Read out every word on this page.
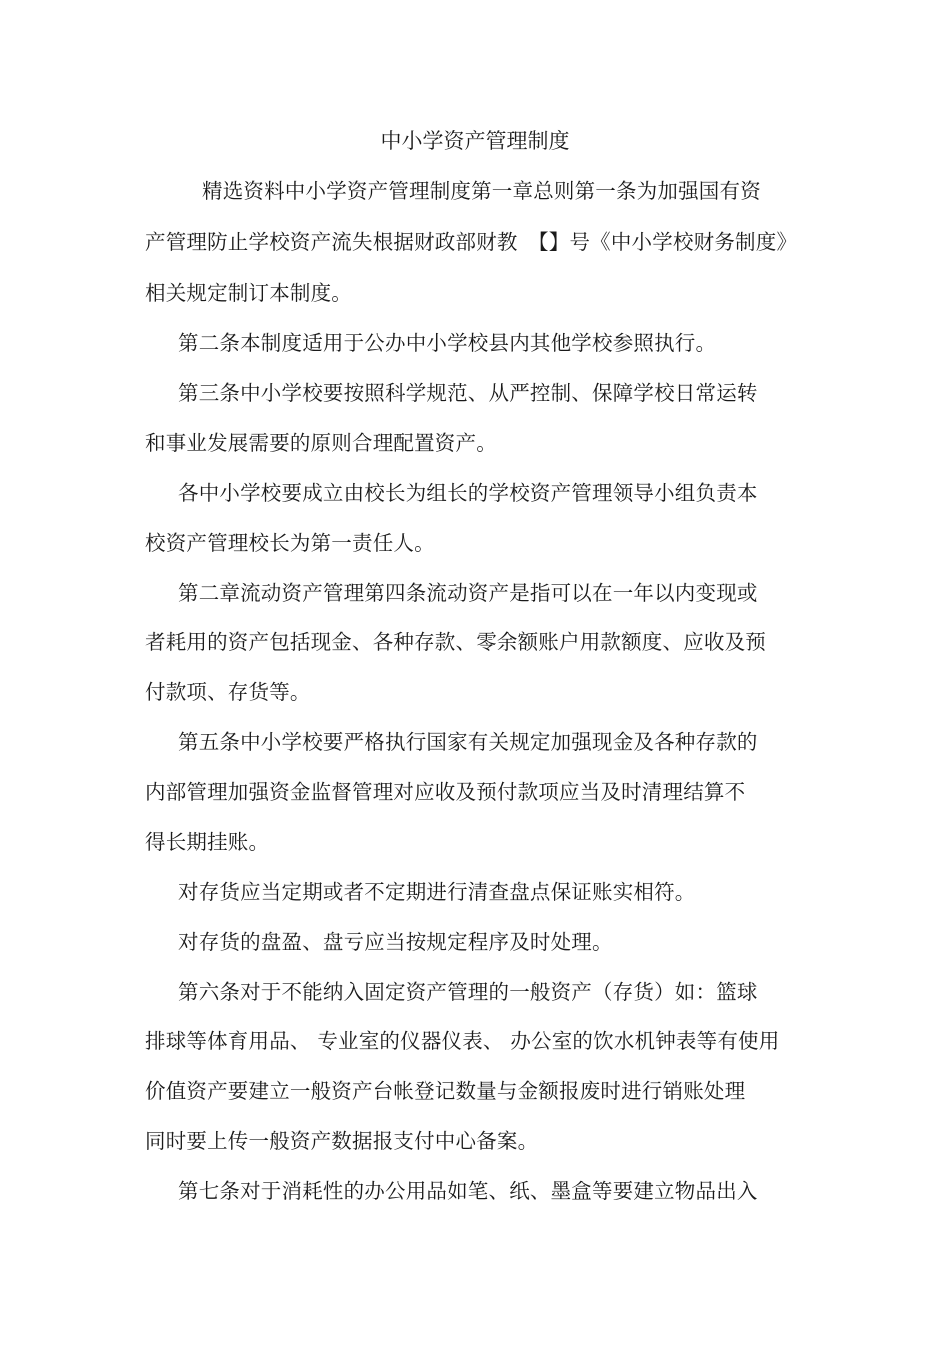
中小学资产管理制度
精选资料中小学资产管理制度第一章总则第一条为加强国有资
产管理防止学校资产流失根据财政部财教　【】号《中小学校财务制度》
相关规定制订本制度。
第二条本制度适用于公办中小学校县内其他学校参照执行。
第三条中小学校要按照科学规范、从严控制、保障学校日常运转
和事业发展需要的原则合理配置资产。
各中小学校要成立由校长为组长的学校资产管理领导小组负责本
校资产管理校长为第一责任人。
第二章流动资产管理第四条流动资产是指可以在一年以内变现或
者耗用的资产包括现金、各种存款、零余额账户用款额度、应收及预
付款项、存货等。
第五条中小学校要严格执行国家有关规定加强现金及各种存款的
内部管理加强资金监督管理对应收及预付款项应当及时清理结算不
得长期挂账。
对存货应当定期或者不定期进行清查盘点保证账实相符。
对存货的盘盈、盘亏应当按规定程序及时处理。
第六条对于不能纳入固定资产管理的一般资产（存货）如：篮球
排球等体育用品、 专业室的仪器仪表、 办公室的饮水机钟表等有使用
价值资产要建立一般资产台帐登记数量与金额报废时进行销账处理
同时要上传一般资产数据报支付中心备案。
第七条对于消耗性的办公用品如笔、纸、墨盒等要建立物品出入
